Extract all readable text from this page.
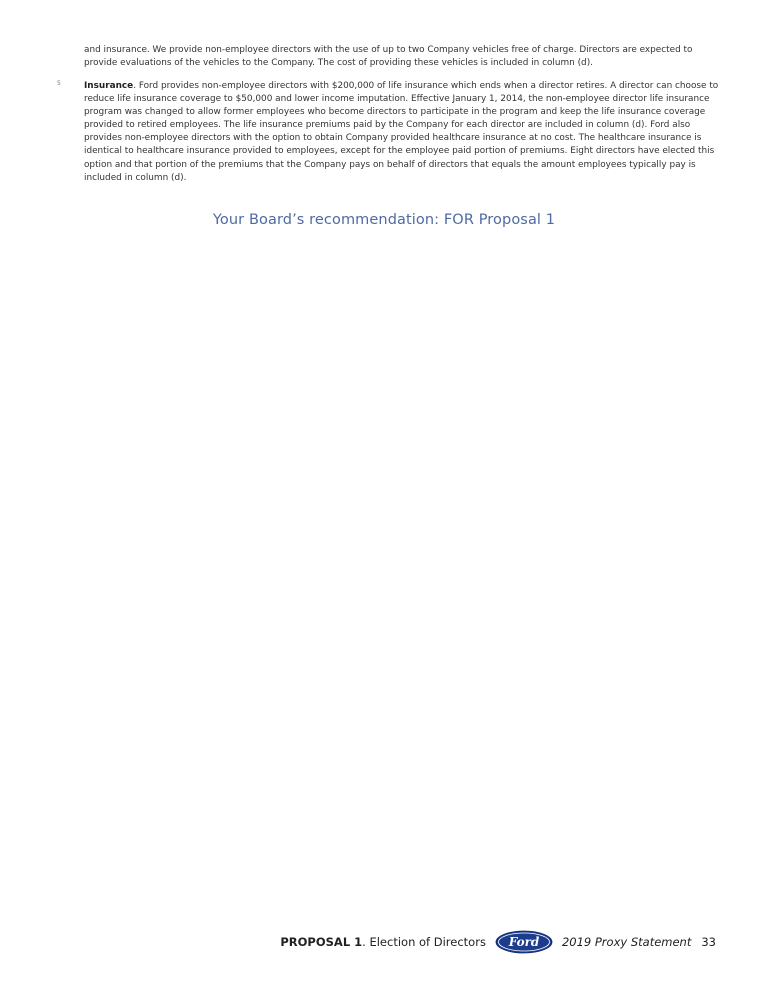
and insurance. We provide non-employee directors with the use of up to two Company vehicles free of charge. Directors are expected to provide evaluations of the vehicles to the Company. The cost of providing these vehicles is included in column (d).

5	Insurance. Ford provides non-employee directors with $200,000 of life insurance which ends when a director retires. A director can choose to reduce life insurance coverage to $50,000 and lower income imputation. Effective January 1, 2014, the non-employee director life insurance program was changed to allow former employees who become directors to participate in the program and keep the life insurance coverage provided to retired employees. The life insurance premiums paid by the Company for each director are included in column (d). Ford also provides non-employee directors with the option to obtain Company provided healthcare insurance at no cost. The healthcare insurance is identical to healthcare insurance provided to employees, except for the employee paid portion of premiums. Eight directors have elected this option and that portion of the premiums that the Company pays on behalf of directors that equals the amount employees typically pay is included in column (d).

Your Board’s recommendation: FOR Proposal 1
PROPOSAL 1 . Election of Directors Ford 2019 Proxy Statement 33
